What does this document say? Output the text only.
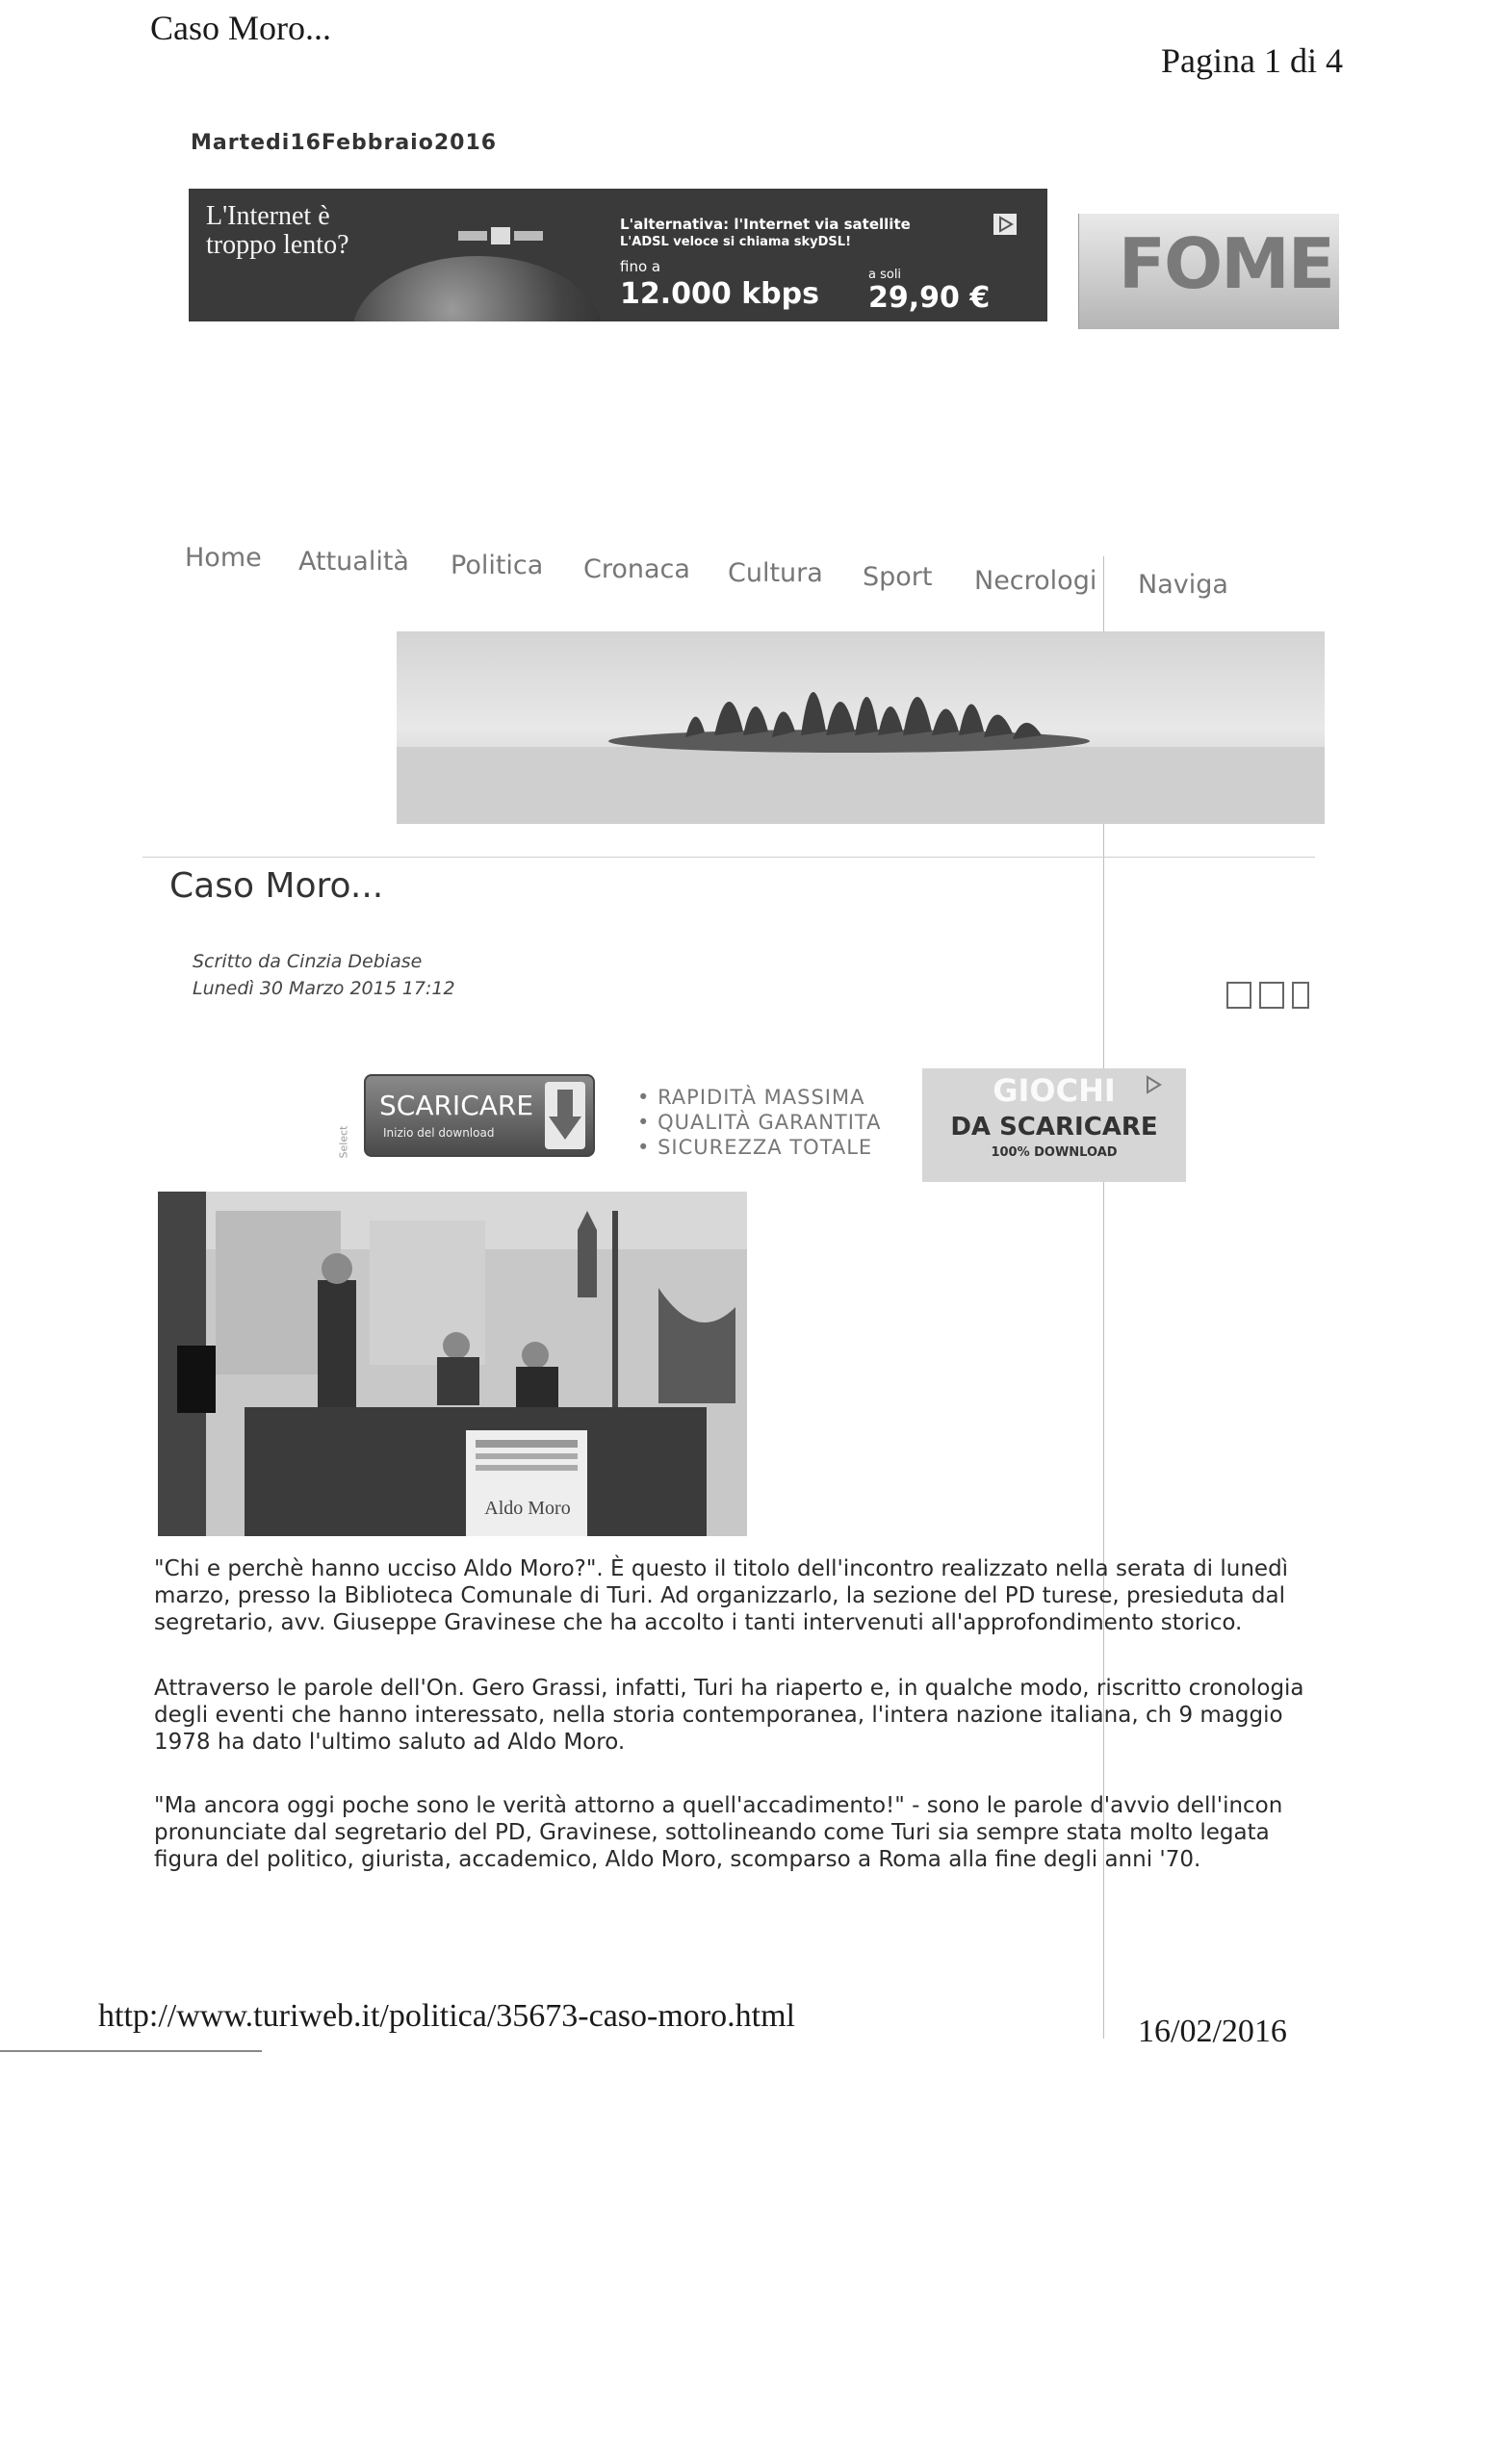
Caso Moro...
Pagina 1 di 4
Martedi16Febbraio2016
L'Internet è troppo lento?
L'alternativa: l'Internet via satellite
L'ADSL veloce si chiama skyDSL!
fino a
12.000 kbps
a soli
29,90 € FOME
Home Attualità Politica Cronaca Cultura Sport Necrologi Naviga
Caso Moro...
Scritto da Cinzia Debiase
Lunedì 30 Marzo 2015 17:12
Select
SCARICARE
Inizio del download
• RAPIDITÀ MASSIMA
• QUALITÀ GARANTITA
• SICUREZZA TOTALE
GIOCHI
DA SCARICARE
100% DOWNLOAD
Aldo Moro
"Chi e perchè hanno ucciso Aldo Moro?". È questo il titolo dell'incontro realizzato nella serata di lunedì marzo, presso la Biblioteca Comunale di Turi. Ad organizzarlo, la sezione del PD turese, presieduta dal segretario, avv. Giuseppe Gravinese che ha accolto i tanti intervenuti all'approfondimento storico.
Attraverso le parole dell'On. Gero Grassi, infatti, Turi ha riaperto e, in qualche modo, riscritto cronologia degli eventi che hanno interessato, nella storia contemporanea, l'intera nazione italiana, ch 9 maggio 1978 ha dato l'ultimo saluto ad Aldo Moro.
"Ma ancora oggi poche sono le verità attorno a quell'accadimento!" - sono le parole d'avvio dell'incon pronunciate dal segretario del PD, Gravinese, sottolineando come Turi sia sempre stata molto legata figura del politico, giurista, accademico, Aldo Moro, scomparso a Roma alla fine degli anni '70.
http://www.turiweb.it/politica/35673-caso-moro.html	16/02/2016
